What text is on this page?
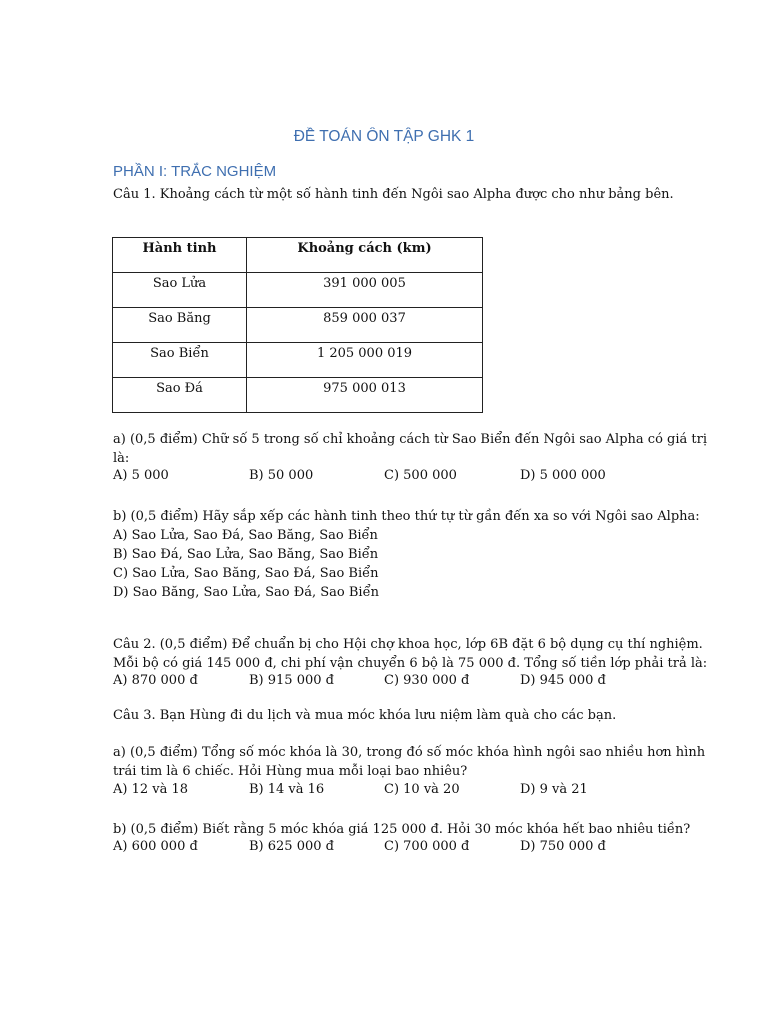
ĐỀ TOÁN ÔN TẬP GHK 1
PHẦN I: TRẮC NGHIỆM
Câu 1. Khoảng cách từ một số hành tinh đến Ngôi sao Alpha được cho như bảng bên.
Hành tinh	Khoảng cách (km)
Sao Lửa	391 000 005
Sao Băng	859 000 037
Sao Biển	1 205 000 019
Sao Đá	975 000 013
a) (0,5 điểm) Chữ số 5 trong số chỉ khoảng cách từ Sao Biển đến Ngôi sao Alpha có giá trị
là:
A) 5 000	B) 50 000	C) 500 000	D) 5 000 000
b) (0,5 điểm) Hãy sắp xếp các hành tinh theo thứ tự từ gần đến xa so với Ngôi sao Alpha:
A) Sao Lửa, Sao Đá, Sao Băng, Sao Biển
B) Sao Đá, Sao Lửa, Sao Băng, Sao Biển
C) Sao Lửa, Sao Băng, Sao Đá, Sao Biển
D) Sao Băng, Sao Lửa, Sao Đá, Sao Biển
Câu 2. (0,5 điểm) Để chuẩn bị cho Hội chợ khoa học, lớp 6B đặt 6 bộ dụng cụ thí nghiệm.
Mỗi bộ có giá 145 000 đ, chi phí vận chuyển 6 bộ là 75 000 đ. Tổng số tiền lớp phải trả là:
A) 870 000 đ	B) 915 000 đ	C) 930 000 đ	D) 945 000 đ
Câu 3. Bạn Hùng đi du lịch và mua móc khóa lưu niệm làm quà cho các bạn.
a) (0,5 điểm) Tổng số móc khóa là 30, trong đó số móc khóa hình ngôi sao nhiều hơn hình
trái tim là 6 chiếc. Hỏi Hùng mua mỗi loại bao nhiêu?
A) 12 và 18	B) 14 và 16	C) 10 và 20	D) 9 và 21
b) (0,5 điểm) Biết rằng 5 móc khóa giá 125 000 đ. Hỏi 30 móc khóa hết bao nhiêu tiền?
A) 600 000 đ	B) 625 000 đ	C) 700 000 đ	D) 750 000 đ
